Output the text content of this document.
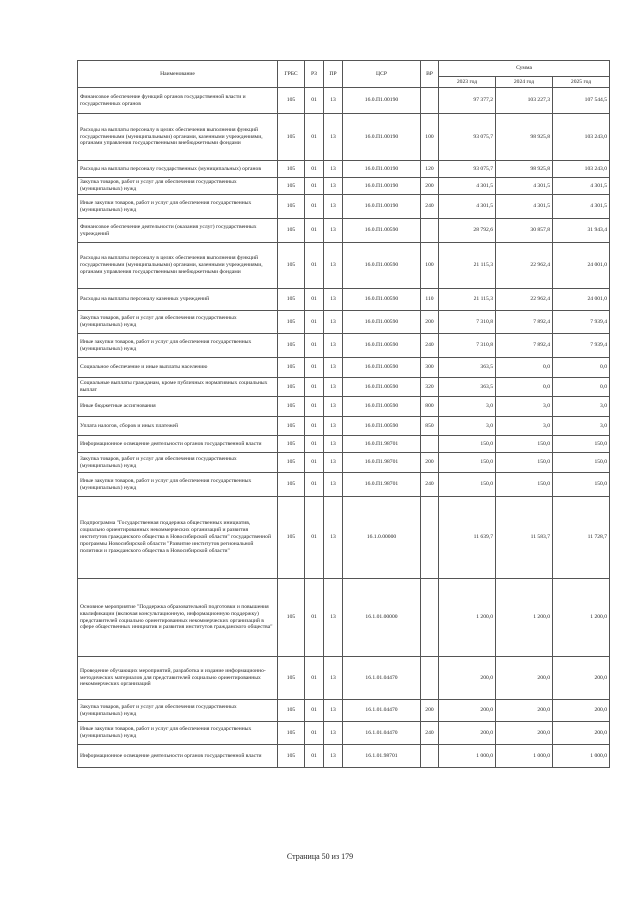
Наименование	ГРБС	РЗ	ПР	ЦСР	ВР	Сумма		
						2023 год	2024 год	2025 год
Финансовое обеспечение функций органов государственной власти и государственных органов	105	01	13	16.0.П1.00190		97 377,2	103 227,3	107 544,5
Расходы на выплаты персоналу в целях обеспечения выполнения функций государственными (муниципальными) органами, казенными учреждениями, органами управления государственными внебюджетными фондами	105	01	13	16.0.П1.00190	100	93 075,7	98 925,8	103 243,0
Расходы на выплаты персоналу государственных (муниципальных) органов	105	01	13	16.0.П1.00190	120	93 075,7	98 925,8	103 243,0
Закупка товаров, работ и услуг для обеспечения государственных (муниципальных) нужд	105	01	13	16.0.П1.00190	200	4 301,5	4 301,5	4 301,5
Иные закупки товаров, работ и услуг для обеспечения государственных (муниципальных) нужд	105	01	13	16.0.П1.00190	240	4 301,5	4 301,5	4 301,5
Финансовое обеспечение деятельности (оказания услуг) государственных учреждений	105	01	13	16.0.П1.00590		28 792,6	30 857,8	31 943,4
Расходы на выплаты персоналу в целях обеспечения выполнения функций государственными (муниципальными) органами, казенными учреждениями, органами управления государственными внебюджетными фондами	105	01	13	16.0.П1.00590	100	21 115,3	22 962,4	24 001,0
Расходы на выплаты персоналу казенных учреждений	105	01	13	16.0.П1.00590	110	21 115,3	22 962,4	24 001,0
Закупка товаров, работ и услуг для обеспечения государственных (муниципальных) нужд	105	01	13	16.0.П1.00590	200	7 310,8	7 892,4	7 939,4
Иные закупки товаров, работ и услуг для обеспечения государственных (муниципальных) нужд	105	01	13	16.0.П1.00590	240	7 310,8	7 892,4	7 939,4
Социальное обеспечение и иные выплаты населению	105	01	13	16.0.П1.00590	300	363,5	0,0	0,0
Социальные выплаты гражданам, кроме публичных нормативных социальных выплат	105	01	13	16.0.П1.00590	320	363,5	0,0	0,0
Иные бюджетные ассигнования	105	01	13	16.0.П1.00590	800	3,0	3,0	3,0
Уплата налогов, сборов и иных платежей	105	01	13	16.0.П1.00590	850	3,0	3,0	3,0
Информационное освещение деятельности органов государственной власти	105	01	13	16.0.П1.98701		150,0	150,0	150,0
Закупка товаров, работ и услуг для обеспечения государственных (муниципальных) нужд	105	01	13	16.0.П1.98701	200	150,0	150,0	150,0
Иные закупки товаров, работ и услуг для обеспечения государственных (муниципальных) нужд	105	01	13	16.0.П1.98701	240	150,0	150,0	150,0
Подпрограмма "Государственная поддержка общественных инициатив, социально ориентированных некоммерческих организаций и развития институтов гражданского общества в Новосибирской области" государственной программы Новосибирской области "Развитие институтов региональной политики и гражданского общества в Новосибирской области"	105	01	13	16.1.0.00000		11 639,7	11 583,7	11 728,7
Основное мероприятие "Поддержка образовательной подготовки и повышения квалификации (включая консультационную, информационную поддержку) представителей социально ориентированных некоммерческих организаций в сфере общественных инициатив и развития институтов гражданского общества"	105	01	13	16.1.01.00000		1 200,0	1 200,0	1 200,0
Проведение обучающих мероприятий, разработка и издание информационно-методических материалов для представителей социально ориентированных некоммерческих организаций	105	01	13	16.1.01.04470		200,0	200,0	200,0
Закупка товаров, работ и услуг для обеспечения государственных (муниципальных) нужд	105	01	13	16.1.01.04470	200	200,0	200,0	200,0
Иные закупки товаров, работ и услуг для обеспечения государственных (муниципальных) нужд	105	01	13	16.1.01.04470	240	200,0	200,0	200,0
Информационное освещение деятельности органов государственной власти	105	01	13	16.1.01.98701		1 000,0	1 000,0	1 000,0
Страница 50 из 179
